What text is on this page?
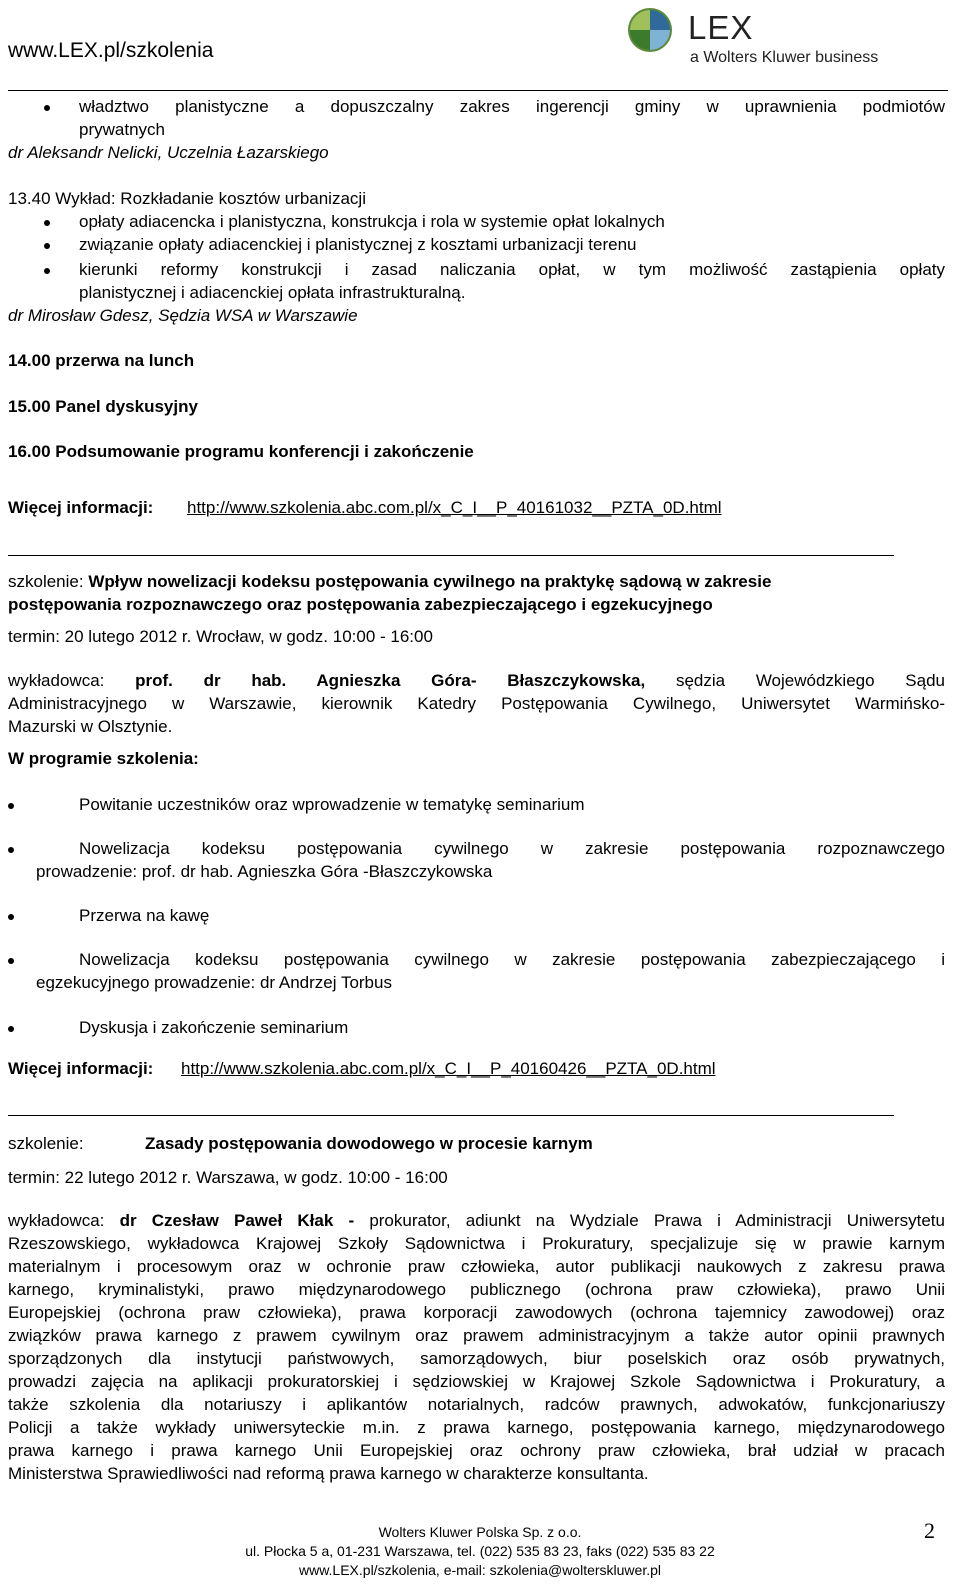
www.LEX.pl/szkolenia
LEX
a Wolters Kluwer business
władztwo planistyczne a dopuszczalny zakres ingerencji gminy w uprawnienia podmiotów
prywatnych
dr Aleksandr Nelicki, Uczelnia Łazarskiego
13.40 Wykład: Rozkładanie kosztów urbanizacji
opłaty adiacencka i planistyczna, konstrukcja i rola w systemie opłat lokalnych
związanie opłaty adiacenckiej i planistycznej z kosztami urbanizacji terenu
kierunki reformy konstrukcji i zasad naliczania opłat, w tym możliwość zastąpienia opłaty
planistycznej i adiacenckiej opłata infrastrukturalną.
dr Mirosław Gdesz, Sędzia WSA w Warszawie
14.00 przerwa na lunch
15.00 Panel dyskusyjny
16.00 Podsumowanie programu konferencji i zakończenie
Więcej informacji: http://www.szkolenia.abc.com.pl/x_C_I__P_40161032__PZTA_0D.html
szkolenie: Wpływ nowelizacji kodeksu postępowania cywilnego na praktykę sądową w zakresie
postępowania rozpoznawczego oraz postępowania zabezpieczającego i egzekucyjnego
termin: 20 lutego 2012 r. Wrocław, w godz. 10:00 - 16:00
wykładowca: prof. dr hab. Agnieszka Góra- Błaszczykowska, sędzia Wojewódzkiego Sądu
Administracyjnego w Warszawie, kierownik Katedry Postępowania Cywilnego, Uniwersytet Warmińsko-
Mazurski w Olsztynie.
W programie szkolenia:
Powitanie uczestników oraz wprowadzenie w tematykę seminarium
Nowelizacja kodeksu postępowania cywilnego w zakresie postępowania rozpoznawczego
prowadzenie: prof. dr hab. Agnieszka Góra -Błaszczykowska
Przerwa na kawę
Nowelizacja kodeksu postępowania cywilnego w zakresie postępowania zabezpieczającego i
egzekucyjnego prowadzenie: dr Andrzej Torbus
Dyskusja i zakończenie seminarium
Więcej informacji: http://www.szkolenia.abc.com.pl/x_C_I__P_40160426__PZTA_0D.html
szkolenie:	Zasady postępowania dowodowego w procesie karnym
termin: 22 lutego 2012 r. Warszawa, w godz. 10:00 - 16:00
wykładowca: dr Czesław Paweł Kłak - prokurator, adiunkt na Wydziale Prawa i Administracji Uniwersytetu
Rzeszowskiego, wykładowca Krajowej Szkoły Sądownictwa i Prokuratury, specjalizuje się w prawie karnym
materialnym i procesowym oraz w ochronie praw człowieka, autor publikacji naukowych z zakresu prawa
karnego, kryminalistyki, prawo międzynarodowego publicznego (ochrona praw człowieka), prawo Unii
Europejskiej (ochrona praw człowieka), prawa korporacji zawodowych (ochrona tajemnicy zawodowej) oraz
związków prawa karnego z prawem cywilnym oraz prawem administracyjnym a także autor opinii prawnych
sporządzonych dla instytucji państwowych, samorządowych, biur poselskich oraz osób prywatnych,
prowadzi zajęcia na aplikacji prokuratorskiej i sędziowskiej w Krajowej Szkole Sądownictwa i Prokuratury, a
także szkolenia dla notariuszy i aplikantów notarialnych, radców prawnych, adwokatów, funkcjonariuszy
Policji a także wykłady uniwersyteckie m.in. z prawa karnego, postępowania karnego, międzynarodowego
prawa karnego i prawa karnego Unii Europejskiej oraz ochrony praw człowieka, brał udział w pracach
Ministerstwa Sprawiedliwości nad reformą prawa karnego w charakterze konsultanta.
Wolters Kluwer Polska Sp. z o.o.
ul. Płocka 5 a, 01-231 Warszawa, tel. (022) 535 83 23, faks (022) 535 83 22
www.LEX.pl/szkolenia, e-mail: szkolenia@wolterskluwer.pl
2
